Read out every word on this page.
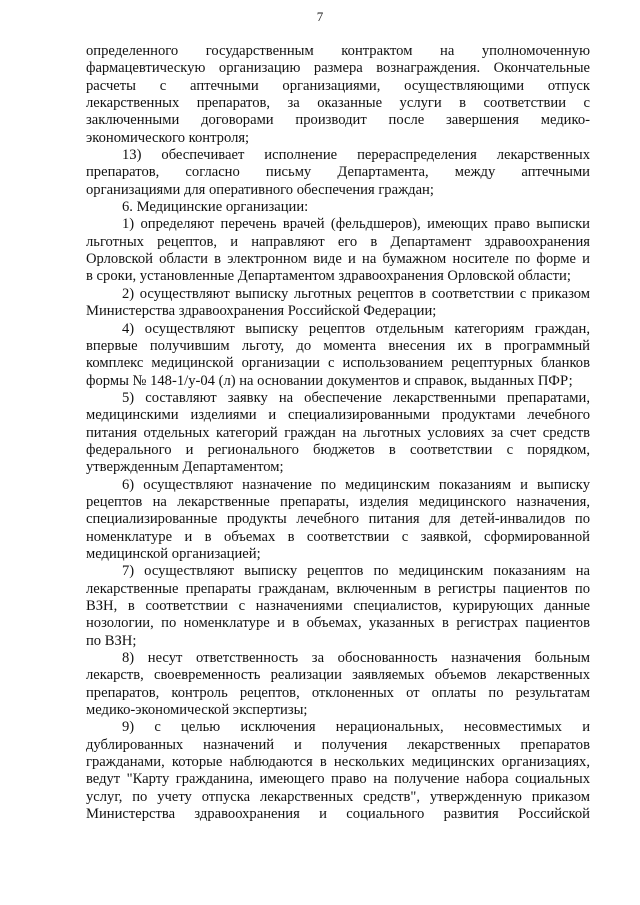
7
определенного государственным контрактом на уполномоченную
фармацевтическую организацию размера вознаграждения. Окончательные
расчеты с аптечными организациями, осуществляющими отпуск
лекарственных препаратов, за оказанные услуги в соответствии с
заключенными договорами производит после завершения медико-
экономического контроля;
13) обеспечивает исполнение перераспределения лекарственных
препаратов, согласно письму Департамента, между аптечными
организациями для оперативного обеспечения граждан;
6. Медицинские организации:
1) определяют перечень врачей (фельдшеров), имеющих право выписки
льготных рецептов, и направляют его в Департамент здравоохранения
Орловской области в электронном виде и на бумажном носителе по форме и
в сроки, установленные Департаментом здравоохранения Орловской области;
2) осуществляют выписку льготных рецептов в соответствии с приказом
Министерства здравоохранения Российской Федерации;
4) осуществляют выписку рецептов отдельным категориям граждан,
впервые получившим льготу, до момента внесения их в программный
комплекс медицинской организации с использованием рецептурных бланков
формы № 148-1/у-04 (л) на основании документов и справок, выданных ПФР;
5) составляют заявку на обеспечение лекарственными препаратами,
медицинскими изделиями и специализированными продуктами лечебного
питания отдельных категорий граждан на льготных условиях за счет средств
федерального и регионального бюджетов в соответствии с порядком,
утвержденным Департаментом;
6) осуществляют назначение по медицинским показаниям и выписку
рецептов на лекарственные препараты, изделия медицинского назначения,
специализированные продукты лечебного питания для детей-инвалидов по
номенклатуре и в объемах в соответствии с заявкой, сформированной
медицинской организацией;
7) осуществляют выписку рецептов по медицинским показаниям на
лекарственные препараты гражданам, включенным в регистры пациентов по
ВЗН, в соответствии с назначениями специалистов, курирующих данные
нозологии, по номенклатуре и в объемах, указанных в регистрах пациентов
по ВЗН;
8) несут ответственность за обоснованность назначения больным
лекарств, своевременность реализации заявляемых объемов лекарственных
препаратов, контроль рецептов, отклоненных от оплаты по результатам
медико-экономической экспертизы;
9) с целью исключения нерациональных, несовместимых и
дублированных назначений и получения лекарственных препаратов
гражданами, которые наблюдаются в нескольких медицинских организациях,
ведут "Карту гражданина, имеющего право на получение набора социальных
услуг, по учету отпуска лекарственных средств", утвержденную приказом
Министерства здравоохранения и социального развития Российской
